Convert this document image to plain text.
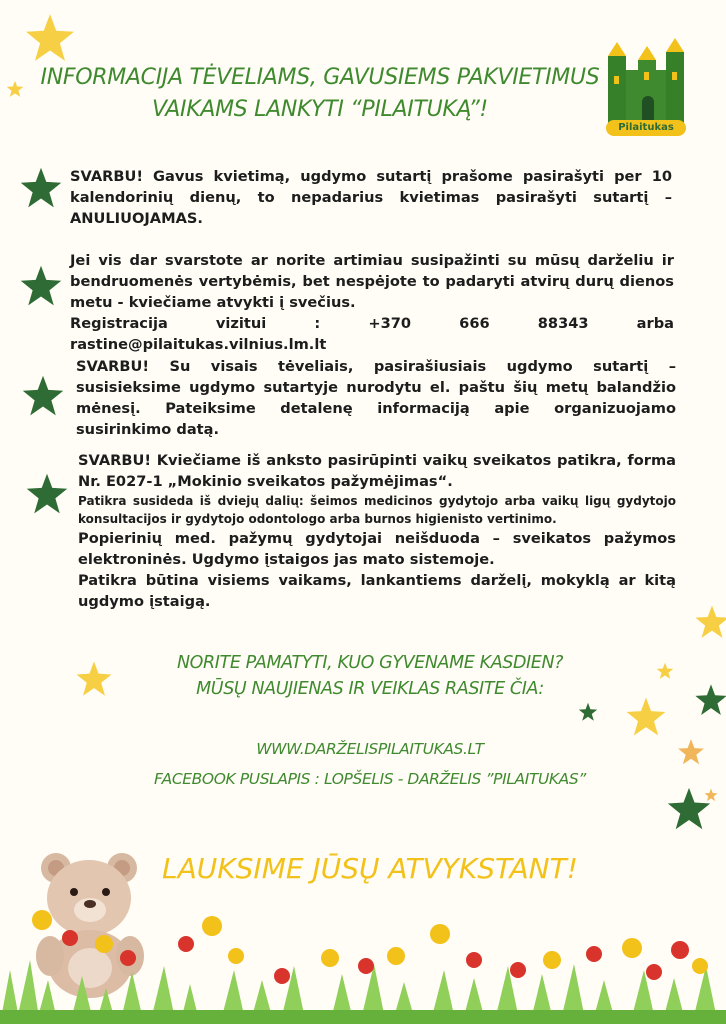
Pilaitukas
INFORMACIJA TĖVELIAMS, GAVUSIEMS PAKVIETIMUS
VAIKAMS LANKYTI “PILAITUKĄ”!

SVARBU! Gavus kvietimą, ugdymo sutartį prašome pasirašyti per 10 kalendorinių dienų, to nepadarius kvietimas pasirašyti sutartį – ANULIUOJAMAS.

Jei vis dar svarstote ar norite artimiau susipažinti su mūsų darželiu ir bendruomenės vertybėmis, bet nespėjote to padaryti atvirų durų dienos metu - kviečiame atvykti į svečius.

Registracija vizitui : +370 666 88343 arba rastine@pilaitukas.vilnius.lm.lt

SVARBU! Su visais tėveliais, pasirašiusiais ugdymo sutartį – susisieksime ugdymo sutartyje nurodytu el. paštu šių metų balandžio mėnesį. Pateiksime detalenę informaciją apie organizuojamo susirinkimo datą.

SVARBU! Kviečiame iš anksto pasirūpinti vaikų sveikatos patikra, forma Nr. E027-1 „Mokinio sveikatos pažymėjimas“.

Patikra susideda iš dviejų dalių: šeimos medicinos gydytojo arba vaikų ligų gydytojo konsultacijos ir gydytojo odontologo arba burnos higienisto vertinimo.

Popierinių med. pažymų gydytojai neišduoda – sveikatos pažymos elektroninės. Ugdymo įstaigos jas mato sistemoje.

Patikra būtina visiems vaikams, lankantiems darželį, mokyklą ar kitą ugdymo įstaigą.

NORITE PAMATYTI, KUO GYVENAME KASDIEN?
MŪSŲ NAUJIENAS IR VEIKLAS RASITE ČIA:
WWW.DARŽELISPILAITUKAS.LT
FACEBOOK PUSLAPIS : LOPŠELIS - DARŽELIS ”PILAITUKAS”
LAUKSIME JŪSŲ ATVYKSTANT!
